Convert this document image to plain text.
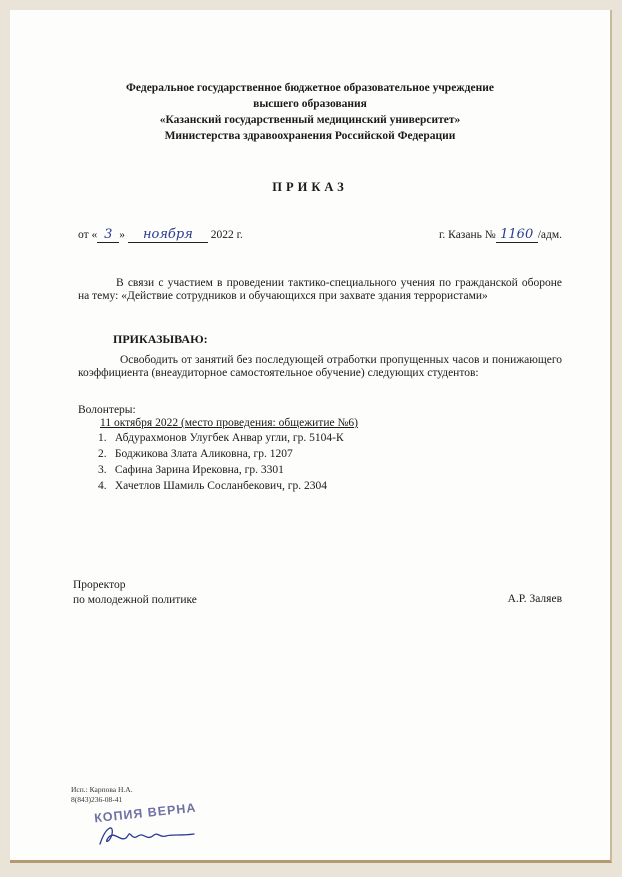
Федеральное государственное бюджетное образовательное учреждение
высшего образования
«Казанский государственный медицинский университет»
Министерства здравоохранения Российской Федерации
ПРИКАЗ
от « 3 » ноября 2022 г.	г. Казань № 1160 /адм.
В связи с участием в проведении тактико-специального учения по гражданской обороне на тему: «Действие сотрудников и обучающихся при захвате здания террористами»
ПРИКАЗЫВАЮ:
Освободить от занятий без последующей отработки пропущенных часов и понижающего коэффициента (внеаудиторное самостоятельное обучение) следующих студентов:
Волонтеры:
11 октября 2022 (место проведения: общежитие №6)
1. Абдурахмонов Улугбек Анвар угли, гр. 5104-К
2. Боджикова Злата Аликовна, гр. 1207
3. Сафина Зарина Ирековна, гр. 3301
4. Хачетлов Шамиль Сосланбекович, гр. 2304
Проректор
по молодежной политике	А.Р. Заляев
Исп.: Карпова Н.А.
8(843)236-08-41
КОПИЯ ВЕРНА
